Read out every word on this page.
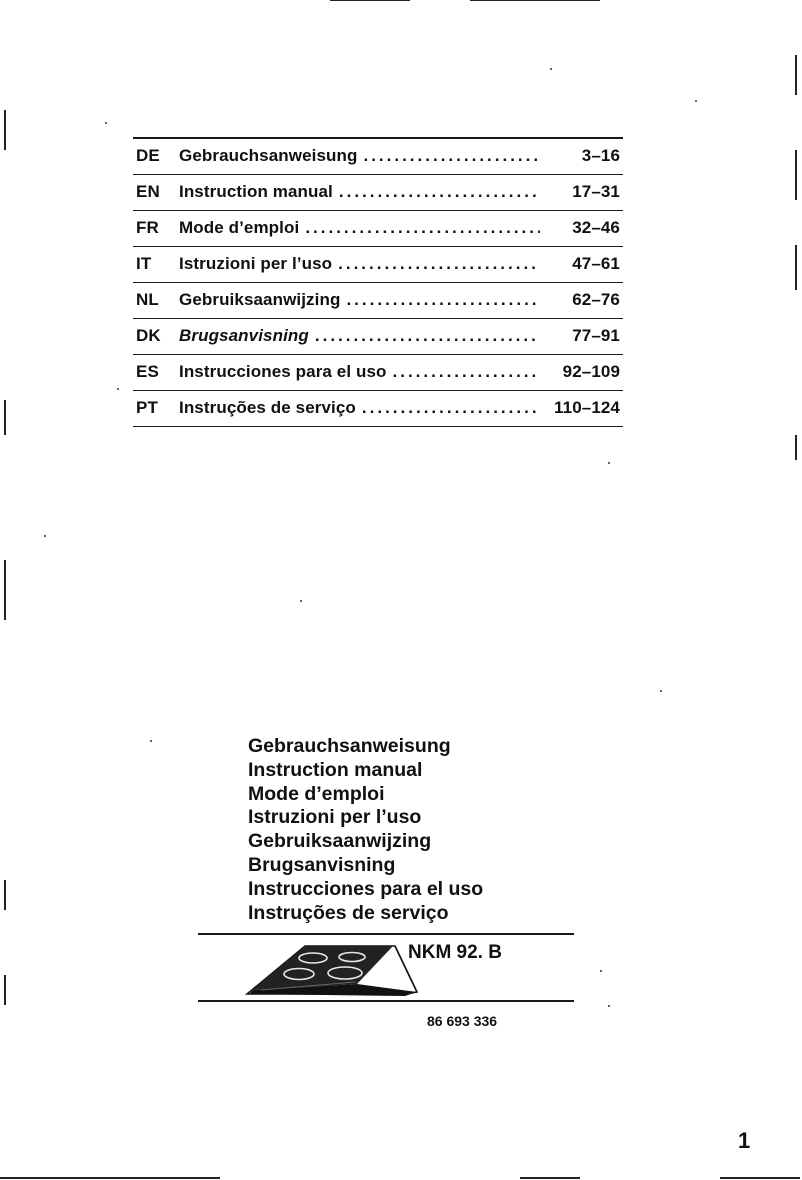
DE	Gebrauchsanweisung .....	3–16
EN	Instruction manual .....	17–31
FR	Mode d’emploi .....	32–46
IT	Istruzioni per l’uso .....	47–61
NL	Gebruiksaanwijzing .....	62–76
DK	Brugsanvisning .....	77–91
ES	Instrucciones para el uso .....	92–109
PT	Instruções de serviço .....	110–124
Gebrauchsanweisung
Instruction manual
Mode d’emploi
Istruzioni per l’uso
Gebruiksaanwijzing
Brugsanvisning
Instrucciones para el uso
Instruções de serviço
NKM 92. B
86 693 336
1
